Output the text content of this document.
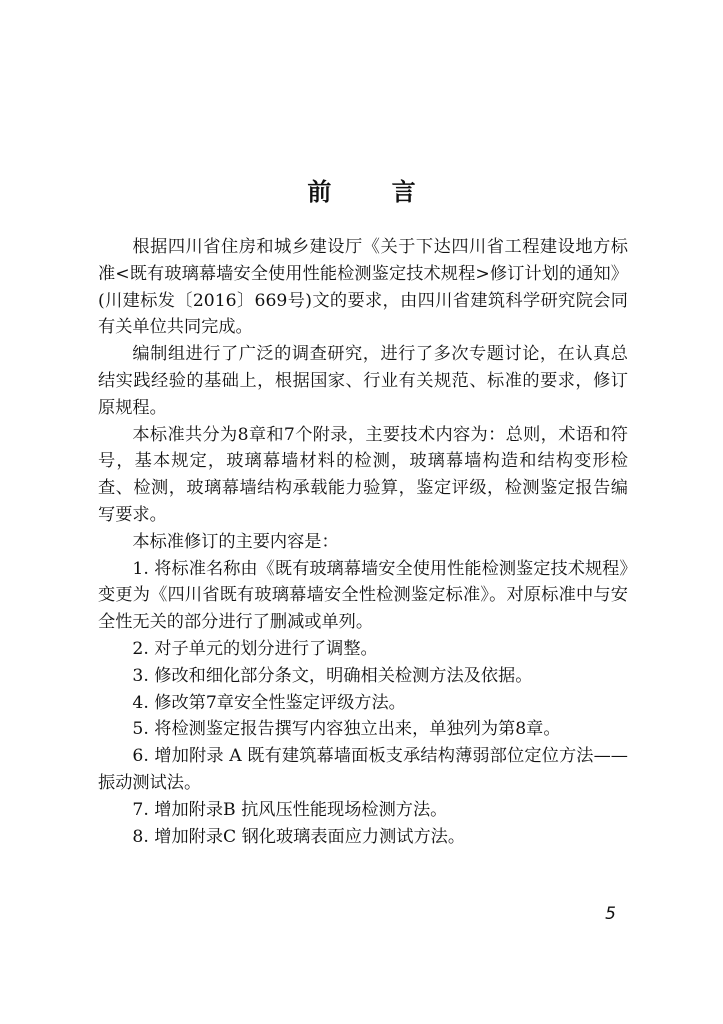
前 言

根据四川省住房和城乡建设厅《关于下达四川省工程建设地方标准<既有玻璃幕墙安全使用性能检测鉴定技术规程>修订计划的通知》(川建标发〔2016〕669号)文的要求，由四川省建筑科学研究院会同有关单位共同完成。

编制组进行了广泛的调查研究，进行了多次专题讨论，在认真总结实践经验的基础上，根据国家、行业有关规范、标准的要求，修订原规程。

本标准共分为8章和7个附录，主要技术内容为：总则，术语和符号，基本规定，玻璃幕墙材料的检测，玻璃幕墙构造和结构变形检查、检测，玻璃幕墙结构承载能力验算，鉴定评级，检测鉴定报告编写要求。

本标准修订的主要内容是：

1. 将标准名称由《既有玻璃幕墙安全使用性能检测鉴定技术规程》变更为《四川省既有玻璃幕墙安全性检测鉴定标准》。对原标准中与安全性无关的部分进行了删减或单列。

2. 对子单元的划分进行了调整。

3. 修改和细化部分条文，明确相关检测方法及依据。

4. 修改第7章安全性鉴定评级方法。

5. 将检测鉴定报告撰写内容独立出来，单独列为第8章。

6. 增加附录 A 既有建筑幕墙面板支承结构薄弱部位定位方法——振动测试法。

7. 增加附录B 抗风压性能现场检测方法。

8. 增加附录C 钢化玻璃表面应力测试方法。

5
